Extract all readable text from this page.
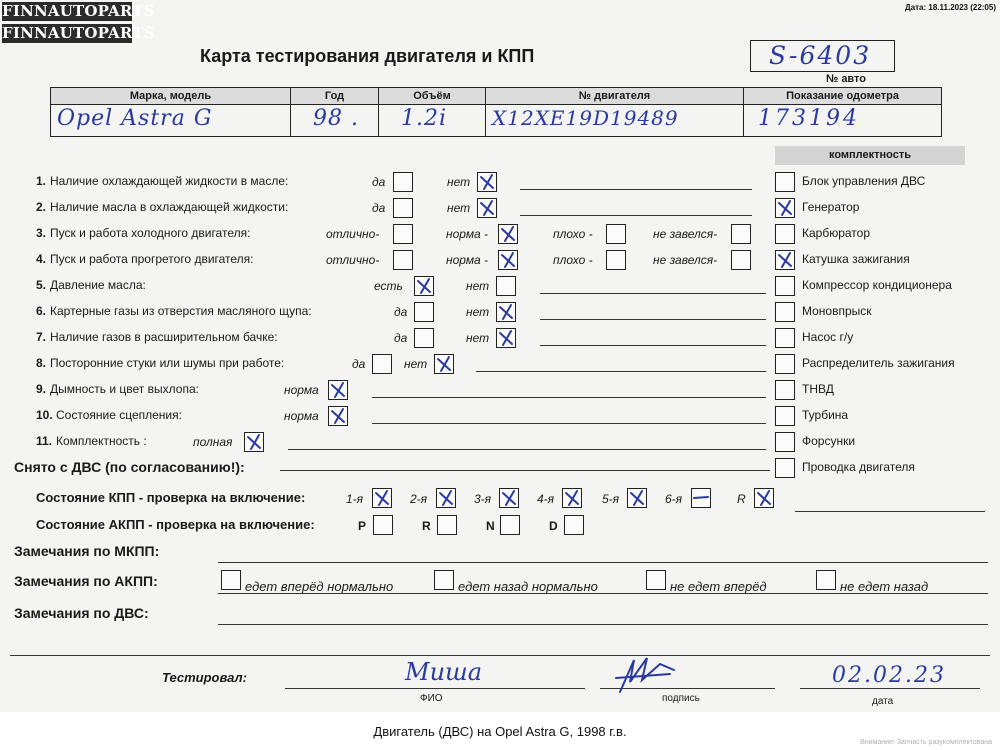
FINNAUTOPARTS
FINNAUTOPARTS
Дата: 18.11.2023 (22:05)
Карта тестирования двигателя и КПП	S-6403
№ авто
Марка, модель	Год	Объём	№ двигателя	Показание одометра

Opel Astra G	98 .	1.2i	X12XE19D19489	173194
комплектность
Блок управления ДВС
Генератор
Карбюратор
Катушка зажигания
Компрессор кондиционера
Моновпрыск
Насос г/у
Распределитель зажигания
ТНВД
Турбина
Форсунки
Проводка двигателя
1. Наличие охлаждающей жидкости в масле:	да	нет
2. Наличие масла в охлаждающей жидкости:	да	нет
3. Пуск и работа холодного двигателя:	отлично-	норма -	плохо -	не завелся-
4. Пуск и работа прогретого двигателя:	отлично-	норма -	плохо -	не завелся-
5. Давление масла:	есть	нет
6. Картерные газы из отверстия масляного щупа:	да	нет
7. Наличие газов в расширительном бачке:	да	нет
8. Посторонние стуки или шумы при работе:	да	нет
9. Дымность и цвет выхлопа:	норма
10. Состояние сцепления:	норма
11. Комплектность :	полная
Снято с ДВС (по согласованию!):
Состояние КПП - проверка на включение:	1-я	2-я	3-я	4-я	5-я	6-я	R
Состояние АКПП - проверка на включение:	P	R	N	D
Замечания по МКПП:
Замечания по АКПП:	едет вперёд нормально	едет назад нормально	не едет вперёд	не едет назад
Замечания по ДВС:
Тестировал:	Миша
ФИО	подпись
02.02.23
дата
Двигатель (ДВС) на Opel Astra G, 1998 г.в.
Внимание! Запчасть разукомплектована
